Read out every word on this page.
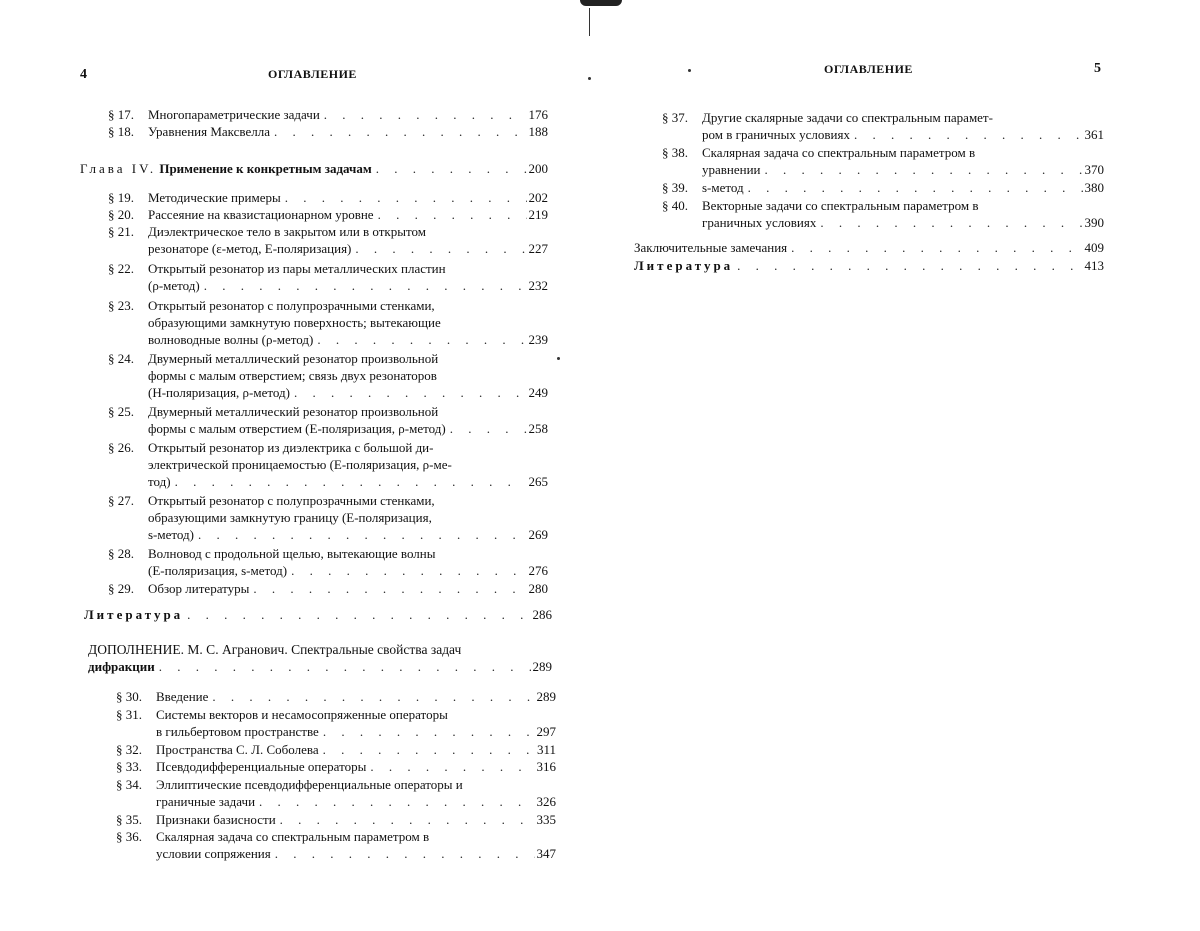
4	ОГЛАВЛЕНИЕ
§ 17. Многопараметрические задачи . . .	176
§ 18. Уравнения Максвелла . . .	188
Глава IV. Применение к конкретным задачам . . .	200
§ 19. Методические примеры . . .	202
§ 20. Рассеяние на квазистационарном уровне . . .	219
§ 21. Диэлектрическое тело в закрытом или в открытом
резонаторе (ε-метод, E-поляризация) . . .	227
§ 22. Открытый резонатор из пары металлических пластин
(ρ-метод) . . .	232
§ 23. Открытый резонатор с полупрозрачными стенками,
образующими замкнутую поверхность; вытекающие
волноводные волны (ρ-метод) . . .	239
§ 24. Двумерный металлический резонатор произвольной
формы с малым отверстием; связь двух резонаторов
(H-поляризация, ρ-метод) . . .	249
§ 25. Двумерный металлический резонатор произвольной
формы с малым отверстием (E-поляризация, ρ-метод) . . .	258
§ 26. Открытый резонатор из диэлектрика с большой ди-
электрической проницаемостью (E-поляризация, ρ-ме-
тод) . . .	265
§ 27. Открытый резонатор с полупрозрачными стенками,
образующими замкнутую границу (E-поляризация,
s-метод) . . .	269
§ 28. Волновод с продольной щелью, вытекающие волны
(E-поляризация, s-метод) . . .	276
§ 29. Обзор литературы . . .	280
Литература . . .	286
ДОПОЛНЕНИЕ. М. С. Агранович. Спектральные свойства задач
дифракции . . .	289
§ 30. Введение . . .	289
§ 31. Системы векторов и несамосопряженные операторы
в гильбертовом пространстве . . .	297
§ 32. Пространства С. Л. Соболева . . .	311
§ 33. Псевдодифференциальные операторы . . .	316
§ 34. Эллиптические псевдодифференциальные операторы и
граничные задачи . . .	326
§ 35. Признаки базисности . . .	335
§ 36. Скалярная задача со спектральным параметром в
условии сопряжения . . .	347
ОГЛАВЛЕНИЕ	5
§ 37. Другие скалярные задачи со спектральным парамет-
ром в граничных условиях . . .	361
§ 38. Скалярная задача со спектральным параметром в
уравнении . . .	370
§ 39. s-метод . . .	380
§ 40. Векторные задачи со спектральным параметром в
граничных условиях . . .	390
Заключительные замечания . . .	409
Литература . . .	413
